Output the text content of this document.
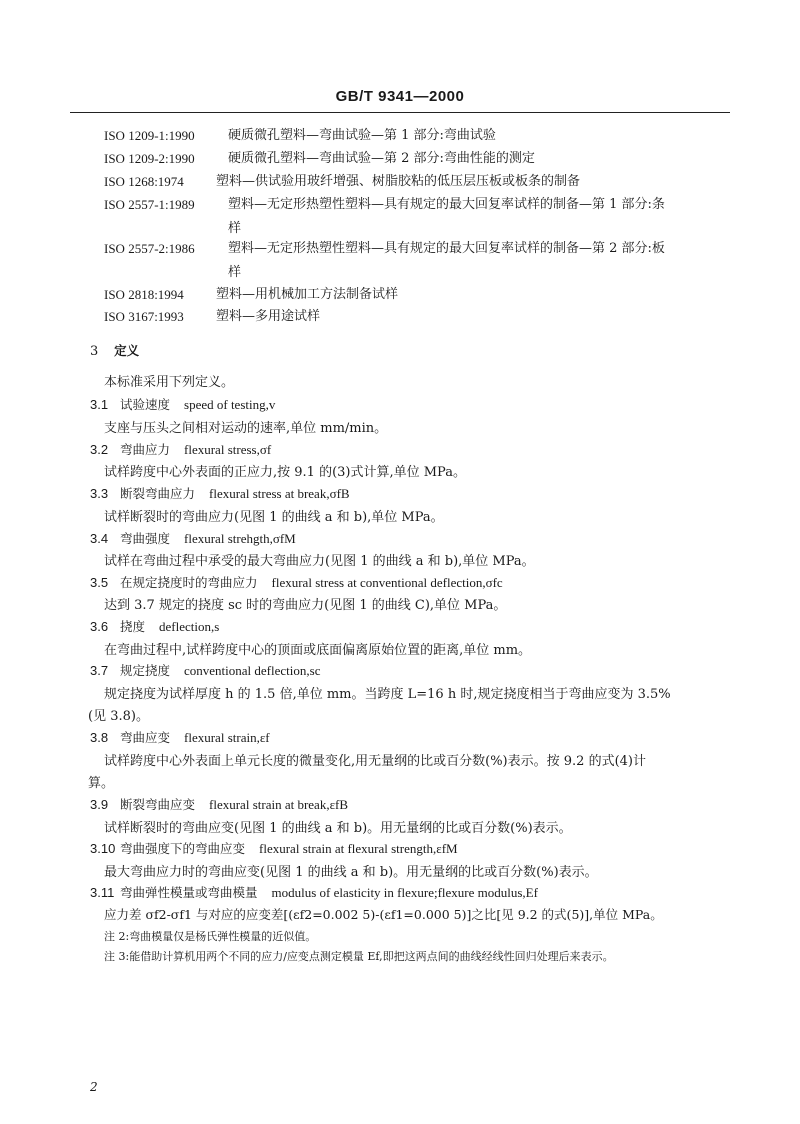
GB/T 9341—2000
ISO 1209-1:1990	硬质微孔塑料—弯曲试验—第 1 部分:弯曲试验
ISO 1209-2:1990	硬质微孔塑料—弯曲试验—第 2 部分:弯曲性能的测定
ISO 1268:1974 塑料—供试验用玻纤增强、树脂胶粘的低压层压板或板条的制备
ISO 2557-1:1989	塑料—无定形热塑性塑料—具有规定的最大回复率试样的制备—第 1 部分:条
样
ISO 2557-2:1986	塑料—无定形热塑性塑料—具有规定的最大回复率试样的制备—第 2 部分:板
样
ISO 2818:1994 塑料—用机械加工方法制备试样
ISO 3167:1993 塑料—多用途试样
3 定义
本标准采用下列定义。
3.1 试验速度 speed of testing,v
支座与压头之间相对运动的速率,单位 mm/min。
3.2 弯曲应力 flexural stress,σf
试样跨度中心外表面的正应力,按 9.1 的(3)式计算,单位 MPa。
3.3 断裂弯曲应力 flexural stress at break,σfB
试样断裂时的弯曲应力(见图 1 的曲线 a 和 b),单位 MPa。
3.4 弯曲强度 flexural strehgth,σfM
试样在弯曲过程中承受的最大弯曲应力(见图 1 的曲线 a 和 b),单位 MPa。
3.5 在规定挠度时的弯曲应力 flexural stress at conventional deflection,σfc
达到 3.7 规定的挠度 sc 时的弯曲应力(见图 1 的曲线 C),单位 MPa。
3.6 挠度 deflection,s
在弯曲过程中,试样跨度中心的顶面或底面偏离原始位置的距离,单位 mm。
3.7 规定挠度 conventional deflection,sc
规定挠度为试样厚度 h 的 1.5 倍,单位 mm。当跨度 L=16 h 时,规定挠度相当于弯曲应变为 3.5%
(见 3.8)。
3.8 弯曲应变 flexural strain,εf
试样跨度中心外表面上单元长度的微量变化,用无量纲的比或百分数(%)表示。按 9.2 的式(4)计
算。
3.9 断裂弯曲应变 flexural strain at break,εfB
试样断裂时的弯曲应变(见图 1 的曲线 a 和 b)。用无量纲的比或百分数(%)表示。
3.10 弯曲强度下的弯曲应变 flexural strain at flexural strength,εfM
最大弯曲应力时的弯曲应变(见图 1 的曲线 a 和 b)。用无量纲的比或百分数(%)表示。
3.11 弯曲弹性模量或弯曲模量 modulus of elasticity in flexure;flexure modulus,Ef
应力差 σf2-σf1 与对应的应变差[(εf2=0.002 5)-(εf1=0.000 5)]之比[见 9.2 的式(5)],单位 MPa。
注 2:弯曲模量仅是杨氏弹性模量的近似值。
注 3:能借助计算机用两个不同的应力/应变点测定模量 Ef,即把这两点间的曲线经线性回归处理后来表示。
2
